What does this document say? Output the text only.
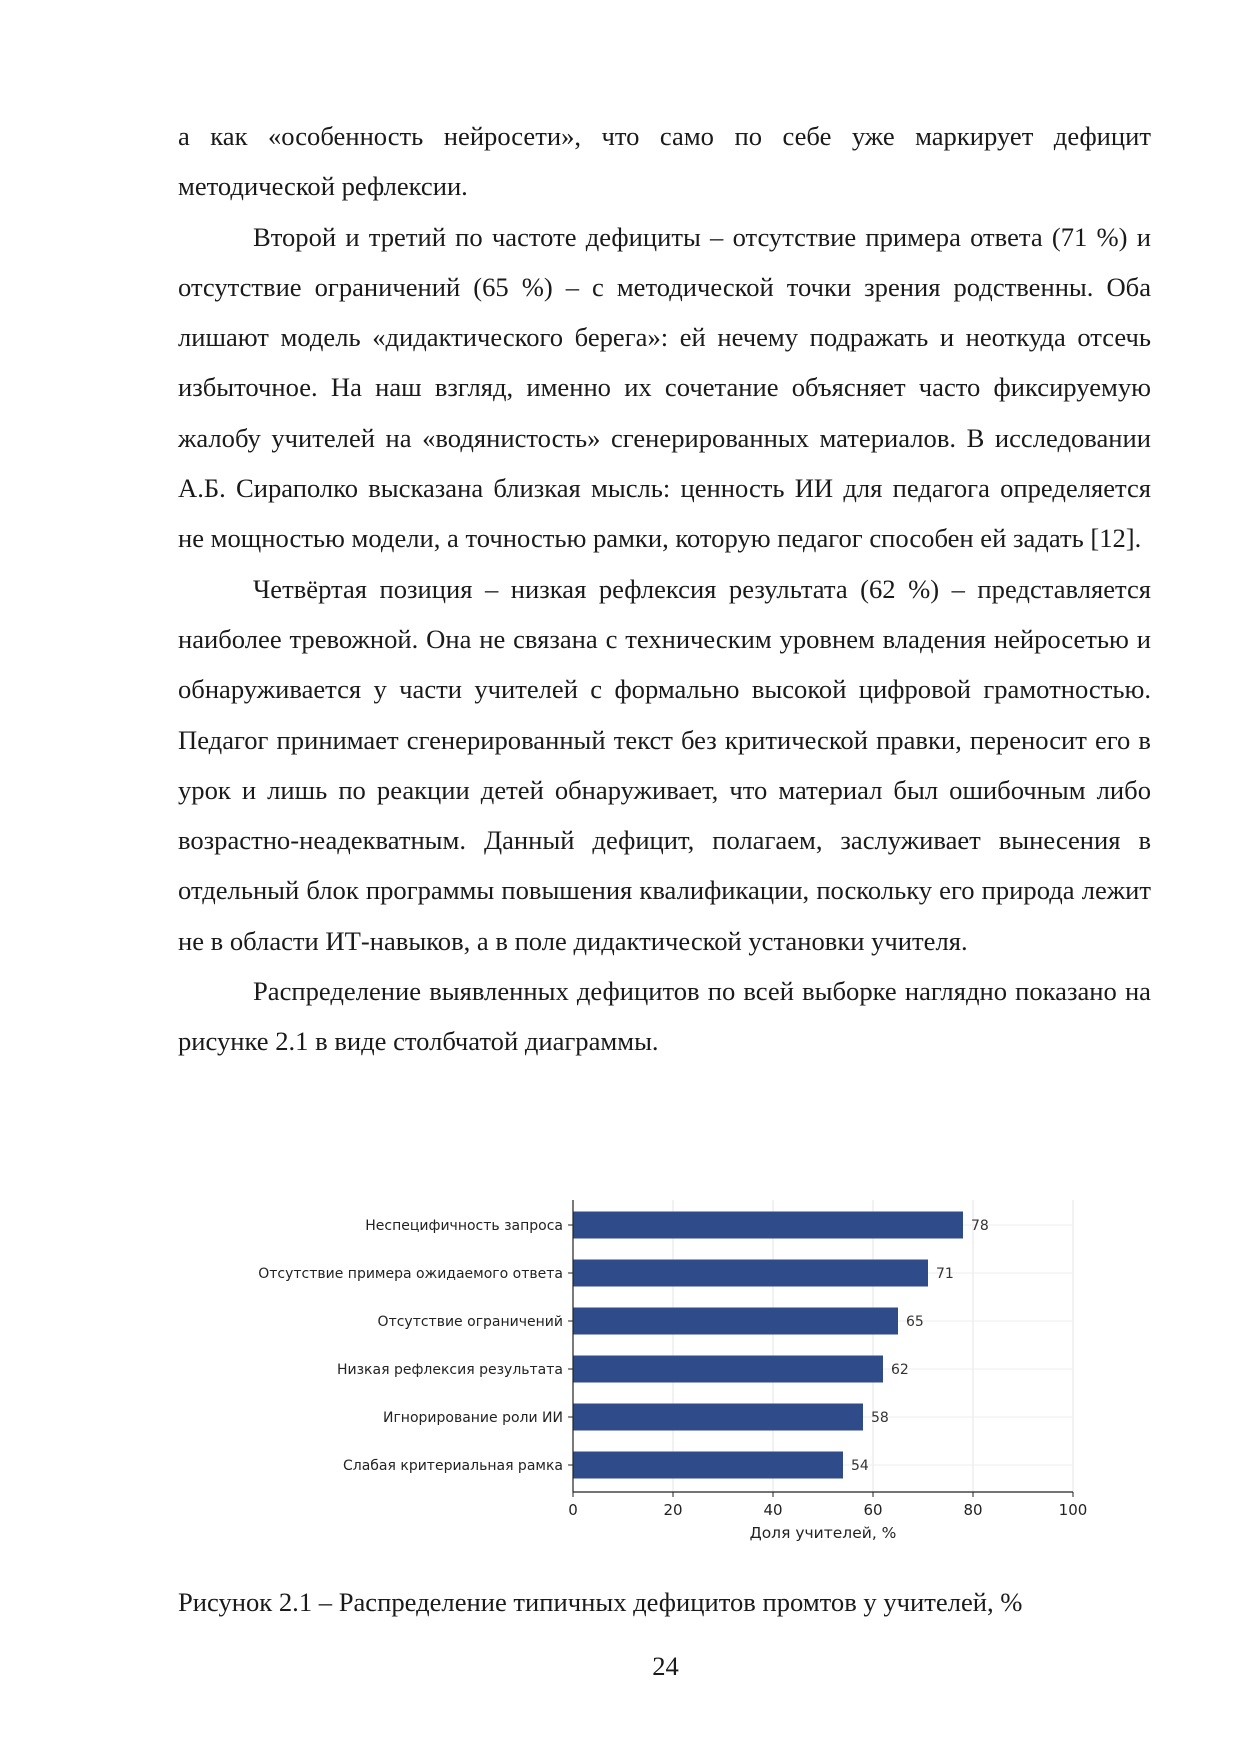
а как «особенность нейросети», что само по себе уже маркирует дефицит методической рефлексии.

Второй и третий по частоте дефициты – отсутствие примера ответа (71 %) и отсутствие ограничений (65 %) – с методической точки зрения родственны. Оба лишают модель «дидактического берега»: ей нечему подражать и неоткуда отсечь избыточное. На наш взгляд, именно их сочетание объясняет часто фиксируемую жалобу учителей на «водянистость» сгенерированных материалов. В исследовании А.Б. Сираполко высказана близкая мысль: ценность ИИ для педагога определяется не мощностью модели, а точностью рамки, которую педагог способен ей задать [12].

Четвёртая позиция – низкая рефлексия результата (62 %) – представляется наиболее тревожной. Она не связана с техническим уровнем владения нейросетью и обнаруживается у части учителей с формально высокой цифровой грамотностью. Педагог принимает сгенерированный текст без критической правки, переносит его в урок и лишь по реакции детей обнаруживает, что материал был ошибочным либо возрастно-неадекватным. Данный дефицит, полагаем, заслуживает вынесения в отдельный блок программы повышения квалификации, поскольку его природа лежит не в области ИТ-навыков, а в поле дидактической установки учителя.

Распределение выявленных дефицитов по всей выборке наглядно показано на рисунке 2.1 в виде столбчатой диаграммы.

78
Неспецифичность запроса
71
Отсутствие примера ожидаемого ответа
65
Отсутствие ограничений
62
Низкая рефлексия результата
58
Игнорирование роли ИИ
54
Слабая критериальная рамка
0	20	40	60	80	100
Доля учителей, %
Рисунок 2.1 – Распределение типичных дефицитов промтов у учителей, %
24
